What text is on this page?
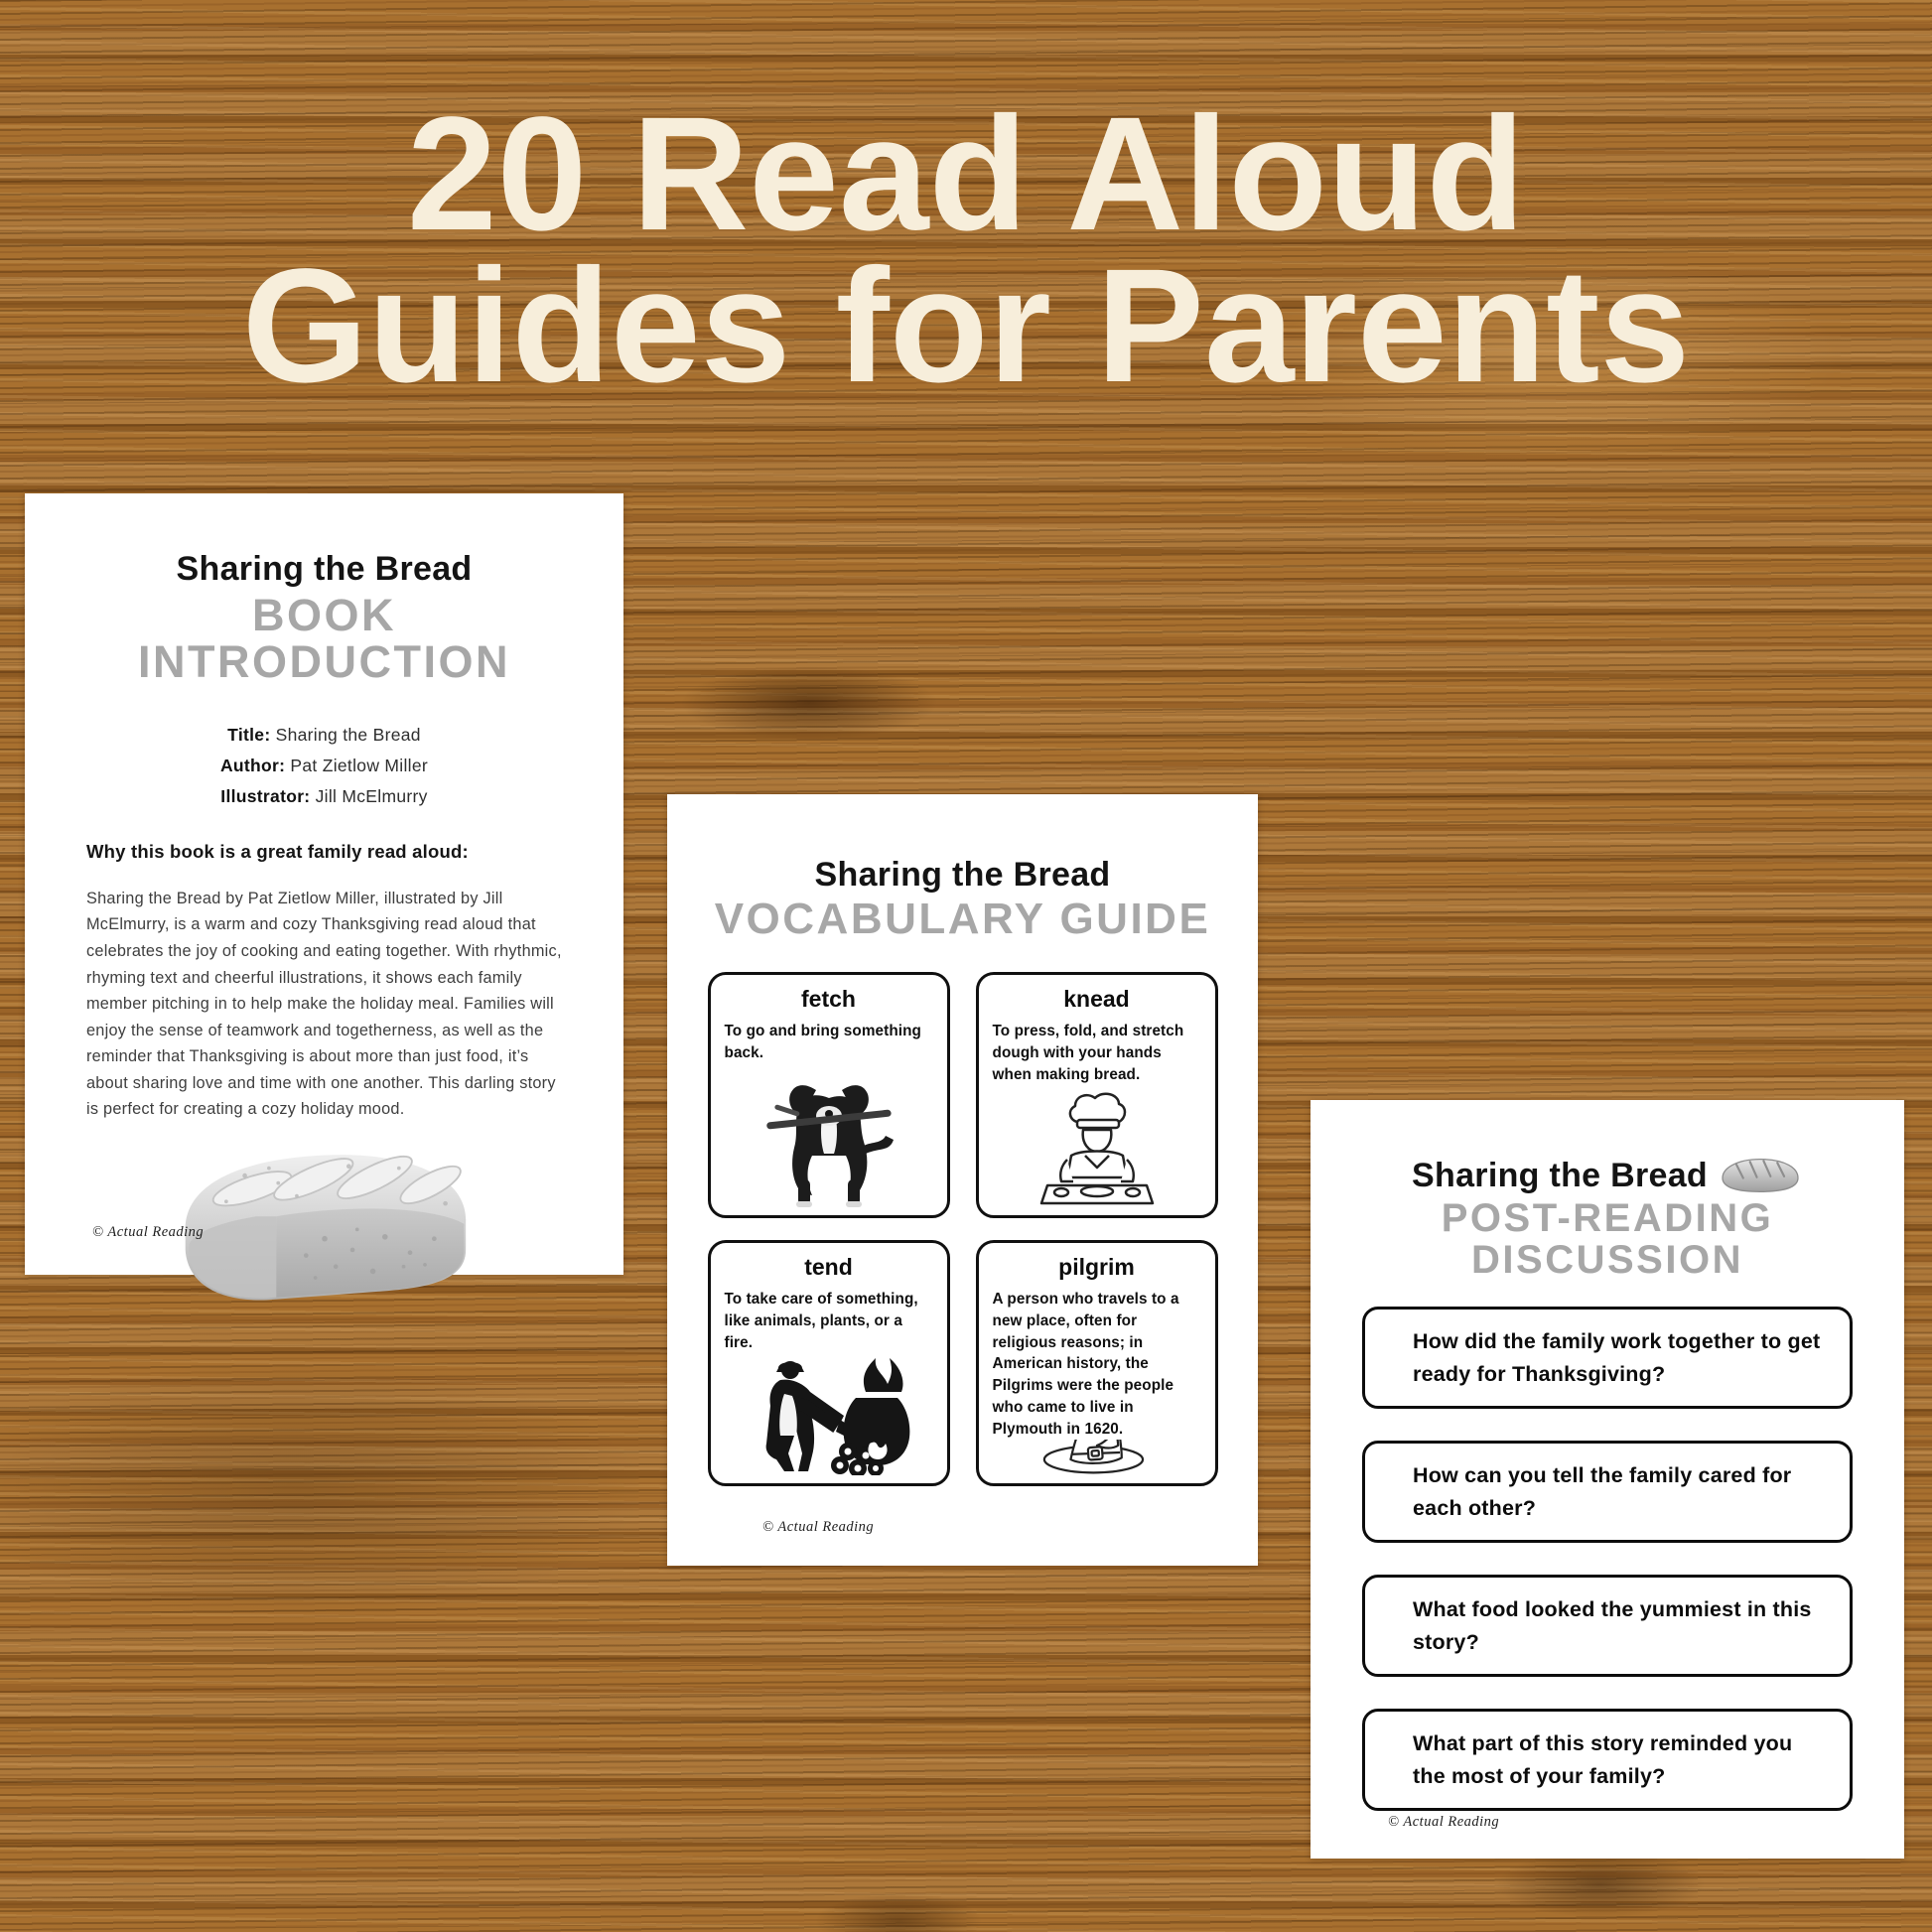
20 Read Aloud
Guides for Parents
Sharing the Bread
BOOK INTRODUCTION
Title: Sharing the Bread
Author: Pat Zietlow Miller
Illustrator: Jill McElmurry
Why this book is a great family read aloud:

Sharing the Bread by Pat Zietlow Miller, illustrated by Jill McElmurry, is a warm and cozy Thanksgiving read aloud that celebrates the joy of cooking and eating together. With rhythmic, rhyming text and cheerful illustrations, it shows each family member pitching in to help make the holiday meal. Families will enjoy the sense of teamwork and togetherness, as well as the reminder that Thanksgiving is about more than just food, it’s about sharing love and time with one another. This darling story is perfect for creating a cozy holiday mood.

© Actual Reading
Sharing the Bread
VOCABULARY GUIDE
fetch
To go and bring something back.
knead
To press, fold, and stretch dough with your hands when making bread.
tend
To take care of something, like animals, plants, or a fire.
pilgrim
A person who travels to a new place, often for religious reasons; in American history, the Pilgrims were the people who came to live in Plymouth in 1620.
© Actual Reading
Sharing the Bread
POST-READING DISCUSSION
How did the family work together to get ready for Thanksgiving?
How can you tell the family cared for each other?
What food looked the yummiest in this story?
What part of this story reminded you the most of your family?
© Actual Reading
